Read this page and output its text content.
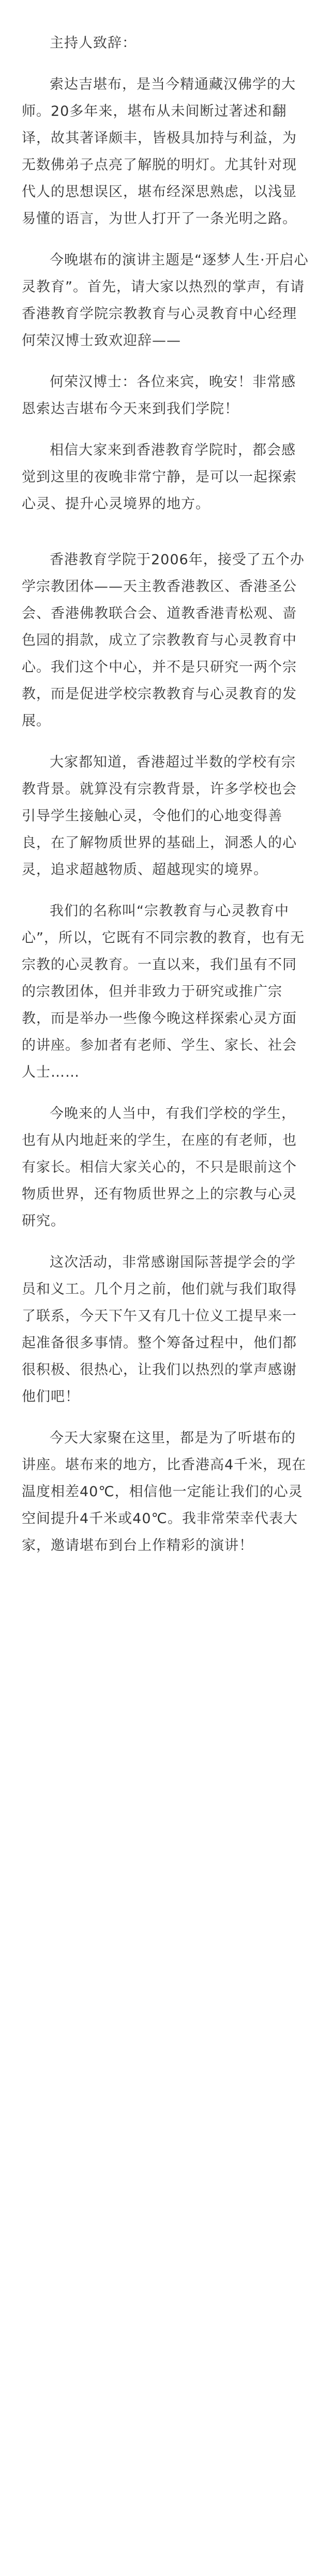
主持人致辞：

索达吉堪布，是当今精通藏汉佛学的大师。20多年来，堪布从未间断过著述和翻译，故其著译颇丰，皆极具加持与利益，为无数佛弟子点亮了解脱的明灯。尤其针对现代人的思想误区，堪布经深思熟虑，以浅显易懂的语言，为世人打开了一条光明之路。

今晚堪布的演讲主题是“逐梦人生·开启心灵教育”。首先，请大家以热烈的掌声，有请香港教育学院宗教教育与心灵教育中心经理何荣汉博士致欢迎辞——

何荣汉博士：各位来宾，晚安！非常感恩索达吉堪布今天来到我们学院！

相信大家来到香港教育学院时，都会感觉到这里的夜晚非常宁静，是可以一起探索心灵、提升心灵境界的地方。

香港教育学院于2006年，接受了五个办学宗教团体——天主教香港教区、香港圣公会、香港佛教联合会、道教香港青松观、啬色园的捐款，成立了宗教教育与心灵教育中心。我们这个中心，并不是只研究一两个宗教，而是促进学校宗教教育与心灵教育的发展。

大家都知道，香港超过半数的学校有宗教背景。就算没有宗教背景，许多学校也会引导学生接触心灵，令他们的心地变得善良，在了解物质世界的基础上，洞悉人的心灵，追求超越物质、超越现实的境界。

我们的名称叫“宗教教育与心灵教育中心”，所以，它既有不同宗教的教育，也有无宗教的心灵教育。一直以来，我们虽有不同的宗教团体，但并非致力于研究或推广宗教，而是举办一些像今晚这样探索心灵方面的讲座。参加者有老师、学生、家长、社会人士……

今晚来的人当中，有我们学校的学生，也有从内地赶来的学生，在座的有老师，也有家长。相信大家关心的，不只是眼前这个物质世界，还有物质世界之上的宗教与心灵研究。

这次活动，非常感谢国际菩提学会的学员和义工。几个月之前，他们就与我们取得了联系，今天下午又有几十位义工提早来一起准备很多事情。整个筹备过程中，他们都很积极、很热心，让我们以热烈的掌声感谢他们吧！

今天大家聚在这里，都是为了听堪布的讲座。堪布来的地方，比香港高4千米，现在温度相差40℃，相信他一定能让我们的心灵空间提升4千米或40℃。我非常荣幸代表大家，邀请堪布到台上作精彩的演讲！
